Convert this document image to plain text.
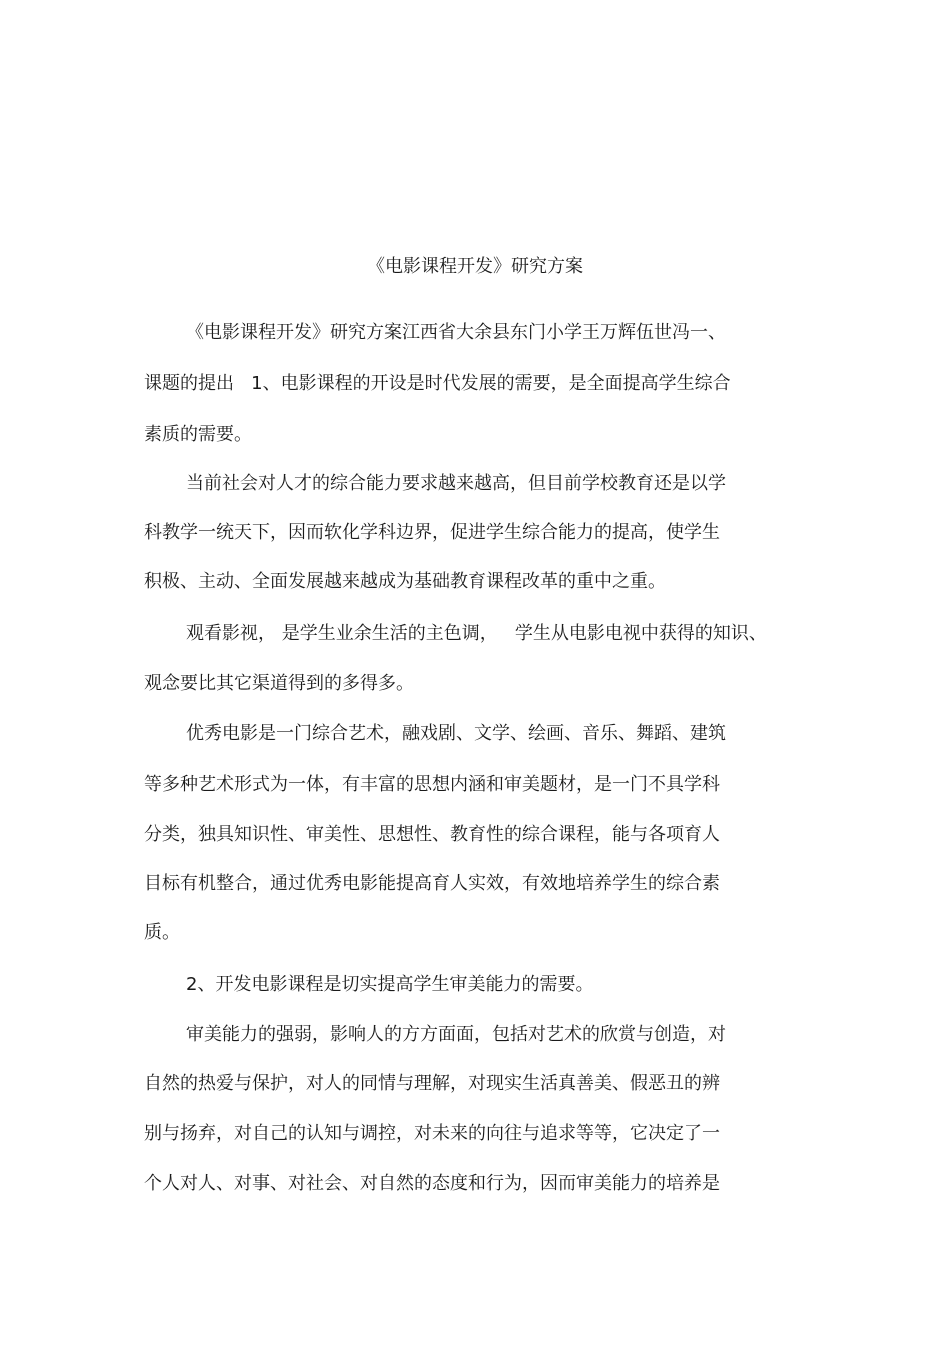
《电影课程开发》研究方案
《电影课程开发》研究方案江西省大余县东门小学王万辉伍世冯一、
课题的提出   1、电影课程的开设是时代发展的需要，是全面提高学生综合
素质的需要。
当前社会对人才的综合能力要求越来越高，但目前学校教育还是以学
科教学一统天下，因而软化学科边界，促进学生综合能力的提高，使学生
积极、主动、全面发展越来越成为基础教育课程改革的重中之重。
观看影视， 是学生业余生活的主色调，   学生从电影电视中获得的知识、
观念要比其它渠道得到的多得多。
优秀电影是一门综合艺术，融戏剧、文学、绘画、音乐、舞蹈、建筑
等多种艺术形式为一体，有丰富的思想内涵和审美题材，是一门不具学科
分类，独具知识性、审美性、思想性、教育性的综合课程，能与各项育人
目标有机整合，通过优秀电影能提高育人实效，有效地培养学生的综合素
质。
2、开发电影课程是切实提高学生审美能力的需要。
审美能力的强弱，影响人的方方面面，包括对艺术的欣赏与创造，对
自然的热爱与保护，对人的同情与理解，对现实生活真善美、假恶丑的辨
别与扬弃，对自己的认知与调控，对未来的向往与追求等等，它决定了一
个人对人、对事、对社会、对自然的态度和行为，因而审美能力的培养是
